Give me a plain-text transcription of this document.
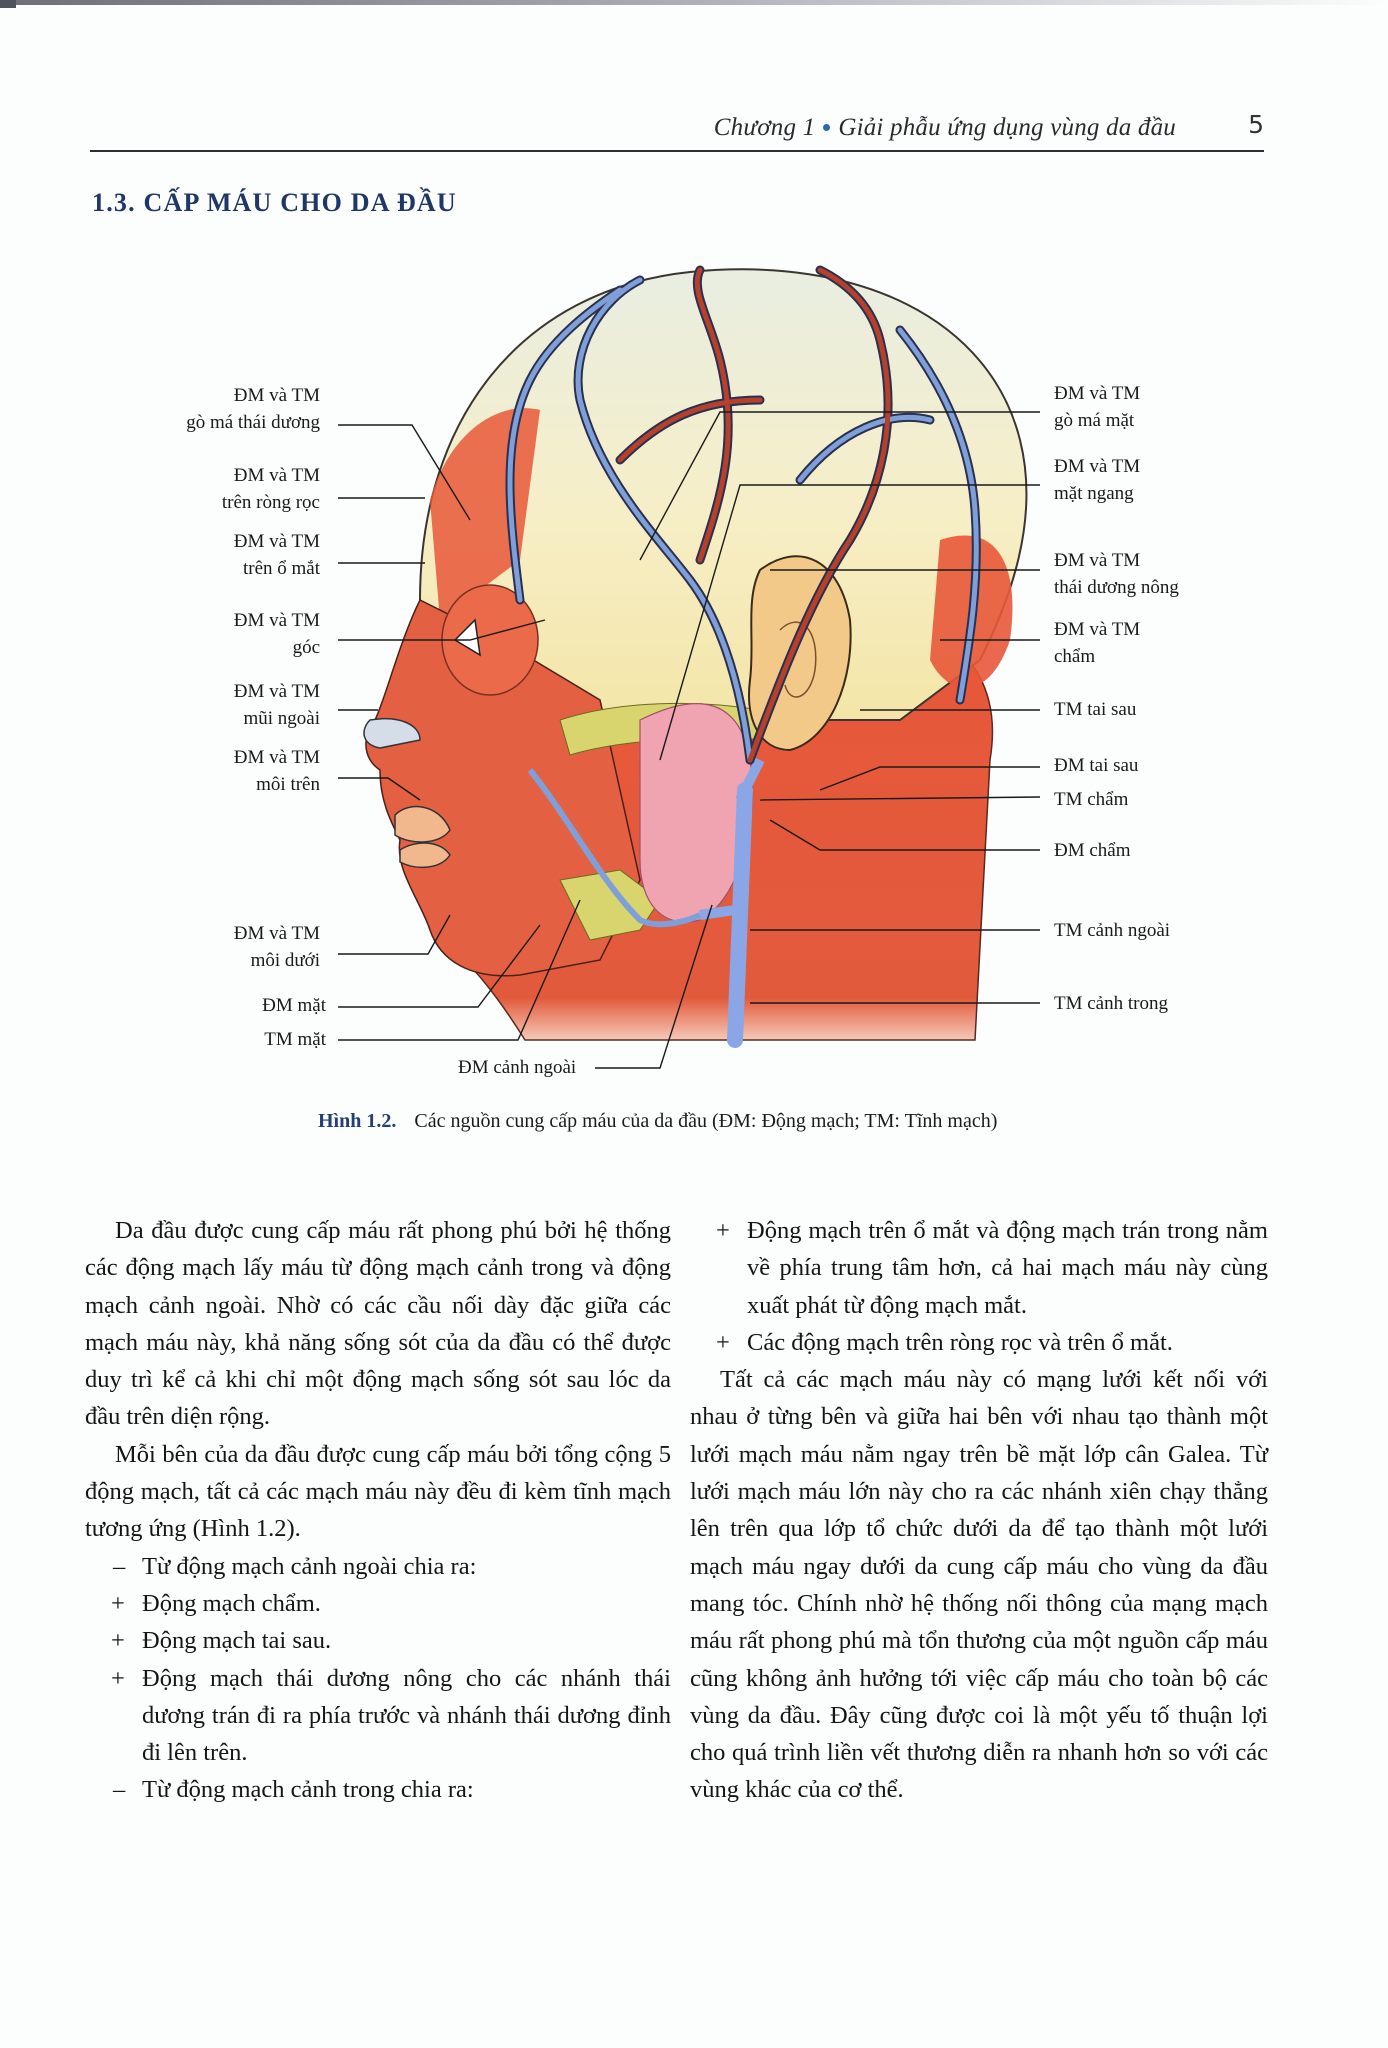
Chương 1 Giải phẫu ứng dụng vùng da đầu	5
1.3. CẤP MÁU CHO DA ĐẦU
ĐM và TM
gò má thái dương
ĐM và TM
trên ròng rọc
ĐM và TM
trên ổ mắt
ĐM và TM
góc
ĐM và TM
mũi ngoài
ĐM và TM
môi trên
ĐM và TM
môi dưới
ĐM mặt
TM mặt
ĐM cảnh ngoài
ĐM và TM
gò má mặt
ĐM và TM
mặt ngang
ĐM và TM
thái dương nông
ĐM và TM
chẩm
TM tai sau
ĐM tai sau
TM chẩm
ĐM chẩm
TM cảnh ngoài
TM cảnh trong
Hình 1.2. Các nguồn cung cấp máu của da đầu (ĐM: Động mạch; TM: Tĩnh mạch)

Da đầu được cung cấp máu rất phong phú bởi hệ thống các động mạch lấy máu từ động mạch cảnh trong và động mạch cảnh ngoài. Nhờ có các cầu nối dày đặc giữa các mạch máu này, khả năng sống sót của da đầu có thể được duy trì kể cả khi chỉ một động mạch sống sót sau lóc da đầu trên diện rộng.

Mỗi bên của da đầu được cung cấp máu bởi tổng cộng 5 động mạch, tất cả các mạch máu này đều đi kèm tĩnh mạch tương ứng (Hình 1.2).

– Từ động mạch cảnh ngoài chia ra:
+ Động mạch chẩm.
+ Động mạch tai sau.
+ Động mạch thái dương nông cho các nhánh thái dương trán đi ra phía trước và nhánh thái dương đỉnh đi lên trên.
– Từ động mạch cảnh trong chia ra:
+ Động mạch trên ổ mắt và động mạch trán trong nằm về phía trung tâm hơn, cả hai mạch máu này cùng xuất phát từ động mạch mắt.
+ Các động mạch trên ròng rọc và trên ổ mắt.

Tất cả các mạch máu này có mạng lưới kết nối với nhau ở từng bên và giữa hai bên với nhau tạo thành một lưới mạch máu nằm ngay trên bề mặt lớp cân Galea. Từ lưới mạch máu lớn này cho ra các nhánh xiên chạy thẳng lên trên qua lớp tổ chức dưới da để tạo thành một lưới mạch máu ngay dưới da cung cấp máu cho vùng da đầu mang tóc. Chính nhờ hệ thống nối thông của mạng mạch máu rất phong phú mà tổn thương của một nguồn cấp máu cũng không ảnh hưởng tới việc cấp máu cho toàn bộ các vùng da đầu. Đây cũng được coi là một yếu tố thuận lợi cho quá trình liền vết thương diễn ra nhanh hơn so với các vùng khác của cơ thể.
